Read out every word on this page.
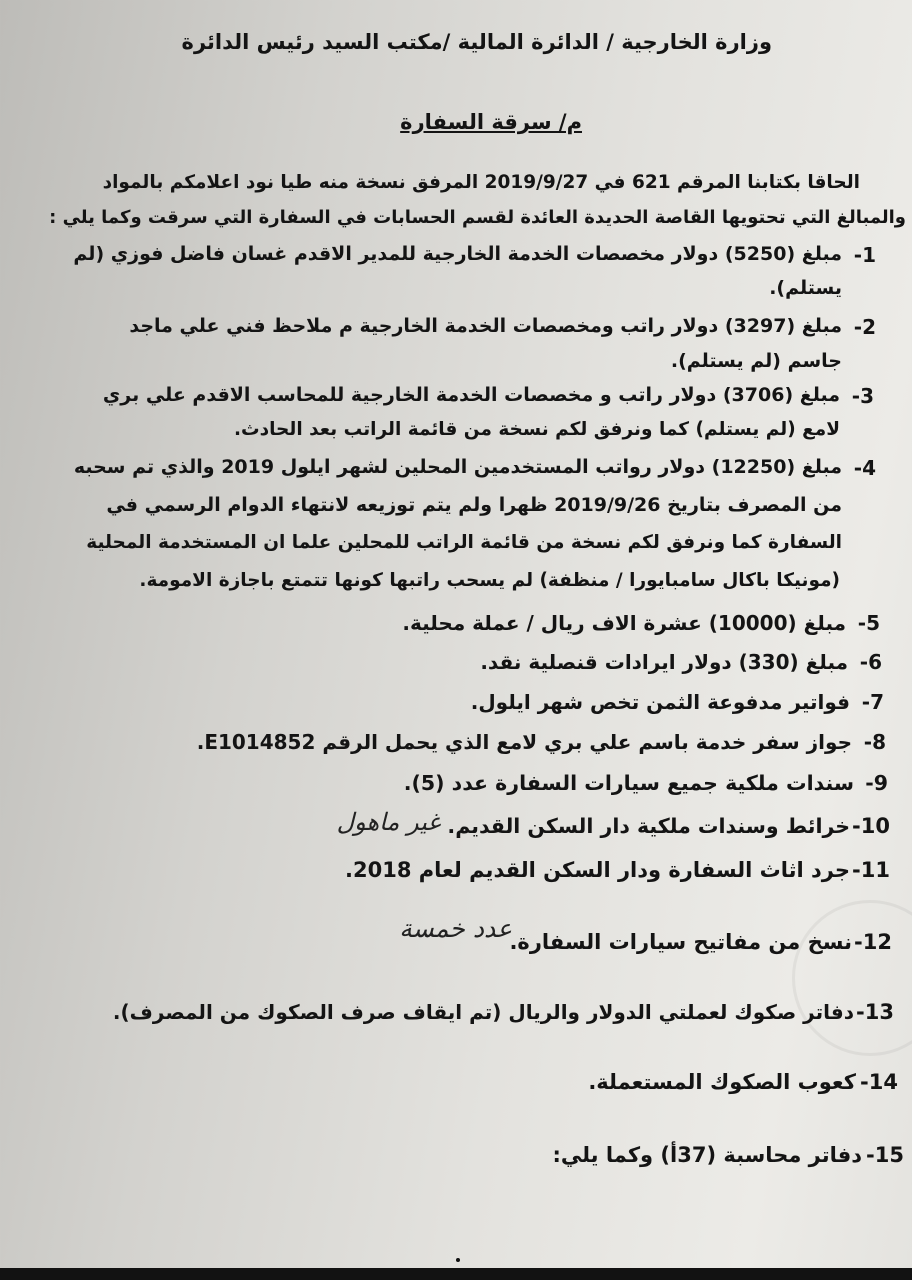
وزارة الخارجية / الدائرة المالية /مكتب السيد رئيس الدائرة
م/ سرقة السفارة
الحاقا بكتابنا المرقم 621 في 2019/9/27 المرفق نسخة منه طيا نود اعلامكم بالمواد
والمبالغ التي تحتويها القاصة الحديدة العائدة لقسم الحسابات في السفارة التي سرقت وكما يلي :
1-
مبلغ (5250) دولار مخصصات الخدمة الخارجية للمدير الاقدم غسان فاضل فوزي (لم
يستلم).
2-
مبلغ (3297) دولار راتب ومخصصات الخدمة الخارجية م ملاحظ فني علي ماجد
جاسم (لم يستلم).
3-
مبلغ (3706) دولار راتب و مخصصات الخدمة الخارجية للمحاسب الاقدم علي بري
لامع (لم يستلم) كما ونرفق لكم نسخة من قائمة الراتب بعد الحادث.
4-
مبلغ (12250) دولار رواتب المستخدمين المحلين لشهر ايلول 2019 والذي تم سحبه
من المصرف بتاريخ 2019/9/26 ظهرا ولم يتم توزيعه لانتهاء الدوام الرسمي في
السفارة كما ونرفق لكم نسخة من قائمة الراتب للمحلين علما ان المستخدمة المحلية
(مونيكا باكال سامبايورا / منظفة) لم يسحب راتبها كونها تتمتع باجازة الامومة.
5-
مبلغ (10000) عشرة الاف ريال / عملة محلية.
6-
مبلغ (330) دولار ايرادات قنصلية نقد.
7-
فواتير مدفوعة الثمن تخص شهر ايلول.
8-
جواز سفر خدمة باسم علي بري لامع الذي يحمل الرقم E1014852.
9-
سندات ملكية جميع سيارات السفارة عدد (5).
10-
خرائط وسندات ملكية دار السكن القديم.
غير ماهول
11-
جرد اثاث السفارة ودار السكن القديم لعام 2018.
12-
نسخ من مفاتيح سيارات السفارة.
عدد خمسة
13-
دفاتر صكوك لعملتي الدولار والريال (تم ايقاف صرف الصكوك من المصرف).
14-
كعوب الصكوك المستعملة.
15-
دفاتر محاسبة (37أ) وكما يلي:
